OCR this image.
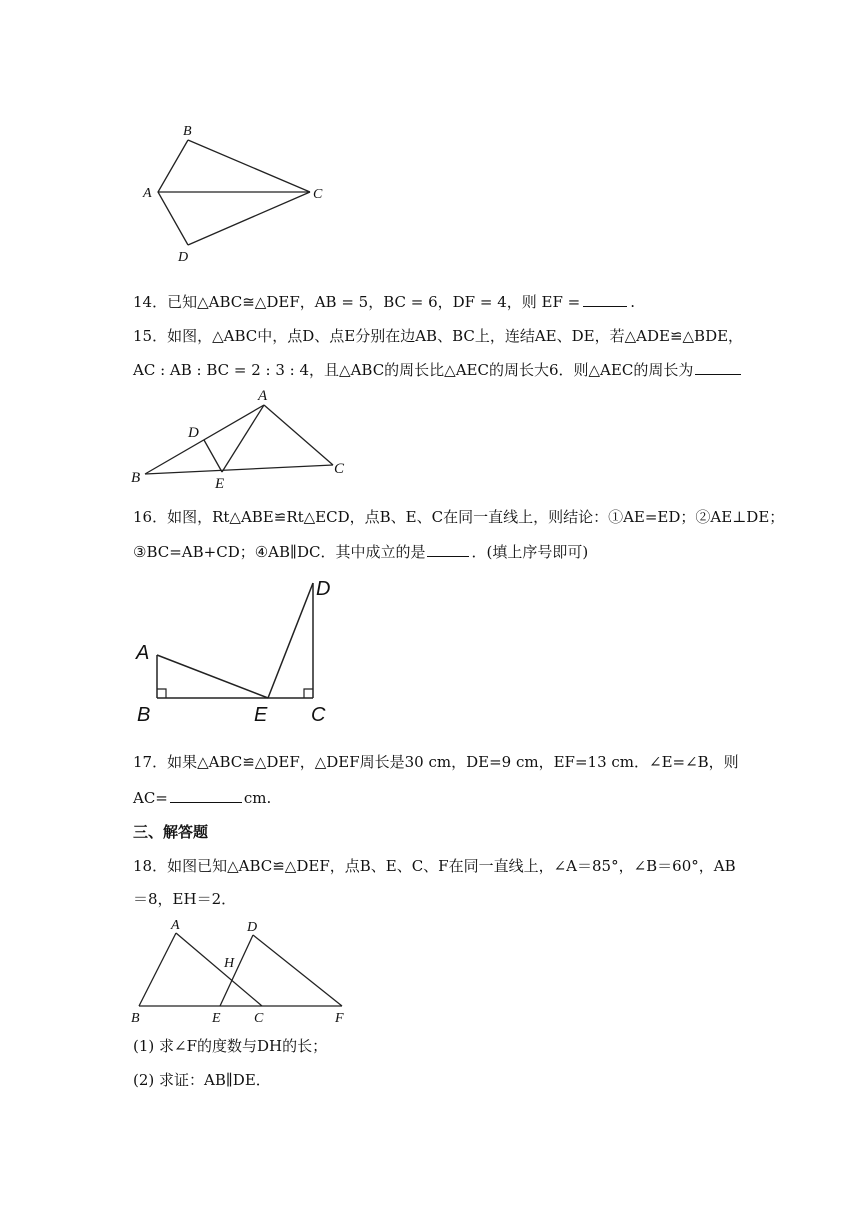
B
A	C
D
14．已知△ABC≅△DEF，AB = 5，BC = 6，DF = 4，则 EF =	.
15．如图，△ABC中，点D、点E分别在边AB、BC上，连结AE、DE，若△ADE≌△BDE，
AC : AB : BC = 2 : 3 : 4，且△ABC的周长比△AEC的周长大6．则△AEC的周长为
A
B
C
D
E
16．如图，Rt△ABE≌Rt△ECD，点B、E、C在同一直线上，则结论：①AE=ED；②AE⊥DE；
③BC=AB+CD；④AB∥DC．其中成立的是	．(填上序号即可)
A
B	C
D
E
17．如果△ABC≌△DEF，△DEF周长是30 cm，DE=9 cm，EF=13 cm．∠E=∠B，则
AC=	cm.
三、解答题
18．如图已知△ABC≌△DEF，点B、E、C、F在同一直线上，∠A＝85°，∠B＝60°，AB
＝8，EH＝2．
A	D
H
B	E C	F
(1) 求∠F的度数与DH的长；
(2) 求证：AB∥DE．
